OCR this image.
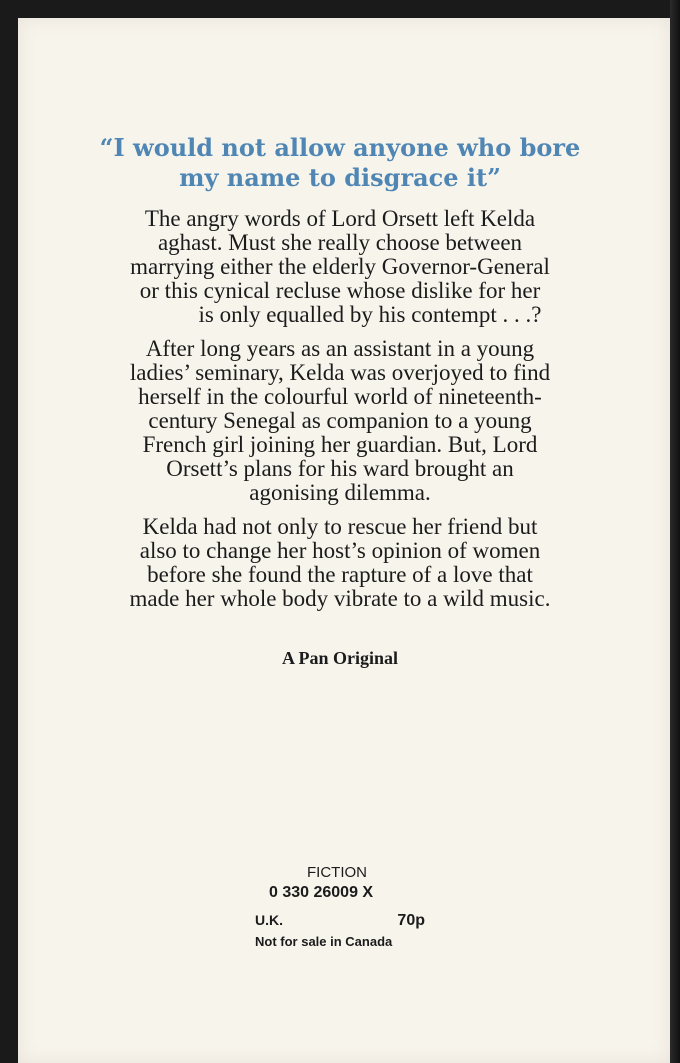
“I would not allow anyone who bore
my name to disgrace it”
The angry words of Lord Orsett left Kelda
aghast. Must she really choose between
marrying either the elderly Governor-General
or this cynical recluse whose dislike for her
is only equalled by his contempt . . .?
After long years as an assistant in a young
ladies’ seminary, Kelda was overjoyed to find
herself in the colourful world of nineteenth-
century Senegal as companion to a young
French girl joining her guardian. But, Lord
Orsett’s plans for his ward brought an
agonising dilemma.
Kelda had not only to rescue her friend but
also to change her host’s opinion of women
before she found the rapture of a love that
made her whole body vibrate to a wild music.
A Pan Original
FICTION
0 330 26009 X
U.K.	70p
Not for sale in Canada
